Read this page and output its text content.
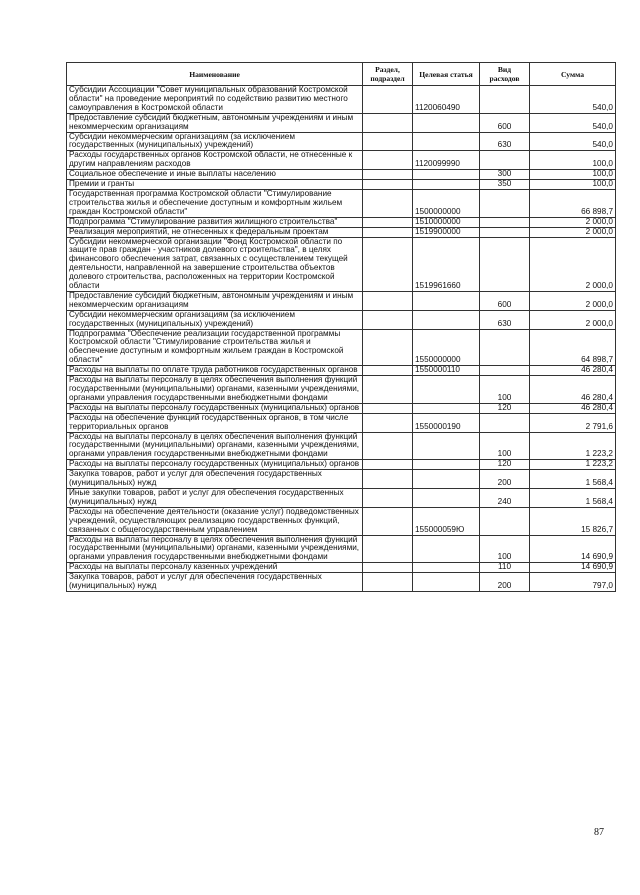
Наименование	Раздел, подраздел	Целевая статья	Вид расходов	Сумма
Субсидии Ассоциации "Совет муниципальных образований Костромской области" на проведение мероприятий по содействию развитию местного самоуправления в Костромской области		1120060490		540,0
Предоставление субсидий бюджетным, автономным учреждениям и иным некоммерческим организациям			600	540,0
Субсидии некоммерческим организациям (за исключением государственных (муниципальных) учреждений)			630	540,0
Расходы государственных органов Костромской области, не отнесенные к другим направлениям расходов		1120099990		100,0
Социальное обеспечение и иные выплаты населению			300	100,0
Премии и гранты			350	100,0
Государственная программа Костромской области "Стимулирование строительства жилья и обеспечение доступным и комфортным жильем граждан Костромской области"		1500000000		66 898,7
Подпрограмма "Стимулирование развития жилищного строительства"		1510000000		2 000,0
Реализация мероприятий, не отнесенных к федеральным проектам		1519900000		2 000,0
Субсидии некоммерческой организации "Фонд Костромской области по защите прав граждан - участников долевого строительства", в целях финансового обеспечения затрат, связанных с осуществлением текущей деятельности, направленной на завершение строительства объектов долевого строительства, расположенных на территории Костромской области		1519961660		2 000,0
Предоставление субсидий бюджетным, автономным учреждениям и иным некоммерческим организациям			600	2 000,0
Субсидии некоммерческим организациям (за исключением государственных (муниципальных) учреждений)			630	2 000,0
Подпрограмма "Обеспечение реализации государственной программы Костромской области "Стимулирование строительства жилья и обеспечение доступным и комфортным жильем граждан в Костромской области"		1550000000		64 898,7
Расходы на выплаты по оплате труда работников государственных органов		1550000110		46 280,4
Расходы на выплаты персоналу в целях обеспечения выполнения функций государственными (муниципальными) органами, казенными учреждениями, органами управления государственными внебюджетными фондами			100	46 280,4
Расходы на выплаты персоналу государственных (муниципальных) органов			120	46 280,4
Расходы на обеспечение функций государственных органов, в том числе территориальных органов		1550000190		2 791,6
Расходы на выплаты персоналу в целях обеспечения выполнения функций государственными (муниципальными) органами, казенными учреждениями, органами управления государственными внебюджетными фондами			100	1 223,2
Расходы на выплаты персоналу государственных (муниципальных) органов			120	1 223,2
Закупка товаров, работ и услуг для обеспечения государственных (муниципальных) нужд			200	1 568,4
Иные закупки товаров, работ и услуг для обеспечения государственных (муниципальных) нужд			240	1 568,4
Расходы на обеспечение деятельности (оказание услуг) подведомственных учреждений, осуществляющих реализацию государственных функций, связанных с общегосударственным управлением		155000059Ю		15 826,7
Расходы на выплаты персоналу в целях обеспечения выполнения функций государственными (муниципальными) органами, казенными учреждениями, органами управления государственными внебюджетными фондами			100	14 690,9
Расходы на выплаты персоналу казенных учреждений			110	14 690,9
Закупка товаров, работ и услуг для обеспечения государственных (муниципальных) нужд			200	797,0
87
